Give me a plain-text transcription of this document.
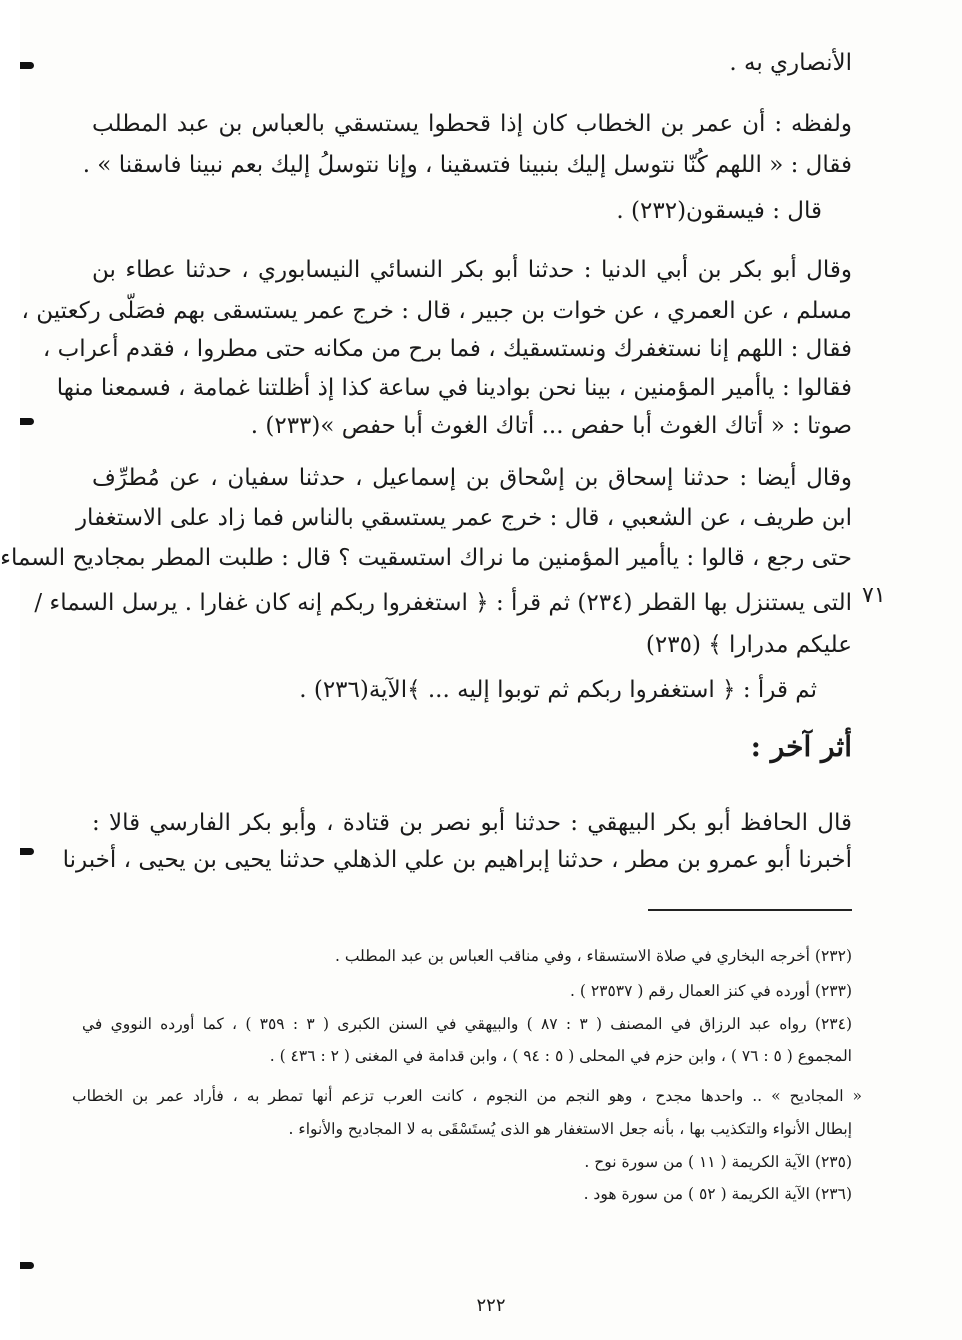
الأنصاري به .
ولفظه : أن عمر بن الخطاب كان إذا قحطوا يستسقي بالعباس بن عبد المطلب
فقال : « اللهم كُنّا نتوسل إليك بنبينا فتسقينا ، وإنا نتوسلُ إليك بعم نبينا فاسقنا » .
قال : فيسقون(٢٣٢) .
وقال أبو بكر بن أبي الدنيا : حدثنا أبو بكر النسائي النيسابوري ، حدثنا عطاء بن
مسلم ، عن العمري ، عن خوات بن جبير ، قال : خرج عمر يستسقى بهم فصَلّى ركعتين ،
فقال : اللهم إنا نستغفرك ونستسقيك ، فما برح من مكانه حتى مطروا ، فقدم أعراب ،
فقالوا : ياأمير المؤمنين ، بينا نحن بوادينا في ساعة كذا إذ أظلتنا غمامة ، فسمعنا منها
صوتا : « أتاك الغوث أبا حفص ... أتاك الغوث أبا حفص »(٢٣٣) .
وقال أيضا : حدثنا إسحاق بن إسْحاق بن إسماعيل ، حدثنا سفيان ، عن مُطرِّف
ابن طريف ، عن الشعبي ، قال : خرج عمر يستسقي بالناس فما زاد على الاستغفار
حتى رجع ، قالوا : ياأمير المؤمنين ما نراك استسقيت ؟ قال : طلبت المطر بمجاديح السماء
التى يستنزل بها القطر (٢٣٤) ثم قرأ : ﴿ استغفروا ربكم إنه كان غفارا . يرسل السماء /
عليكم مدرارا ﴾ (٢٣٥)
٧١
ثم قرأ : ﴿ استغفروا ربكم ثم توبوا إليه ... ﴾الآية(٢٣٦) .
أثر آخر :
قال الحافظ أبو بكر البيهقي : حدثنا أبو نصر بن قتادة ، وأبو بكر الفارسي قالا :
أخبرنا أبو عمرو بن مطر ، حدثنا إبراهيم بن علي الذهلي حدثنا يحيى بن يحيى ، أخبرنا
(٢٣٢) أخرجه البخاري في صلاة الاستسقاء ، وفي مناقب العباس بن عبد المطلب .
(٢٣٣) أورده في كنز العمال رقم ( ٢٣٥٣٧ ) .
(٢٣٤) رواه عبد الرزاق في المصنف ( ٣ : ٨٧ ) والبيهقي في السنن الكبرى ( ٣ : ٣٥٩ ) ، كما أورده النووي في
المجموع ( ٥ : ٧٦ ) ، وابن حزم في المحلى ( ٥ : ٩٤ ) ، وابن قدامة في المغنى ( ٢ : ٤٣٦ ) .
« المجاديح » .. واحدها مجدح ، وهو النجم من النجوم ، كانت العرب تزعم أنها تمطر به ، فأراد عمر بن الخطاب
إبطال الأنواء والتكذيب بها ، بأنه جعل الاستغفار هو الذى يُستَسْقَى به لا المجاديح والأنواء .
(٢٣٥) الآية الكريمة ( ١١ ) من سورة نوح .
(٢٣٦) الآية الكريمة ( ٥٢ ) من سورة هود .
٢٢٢
